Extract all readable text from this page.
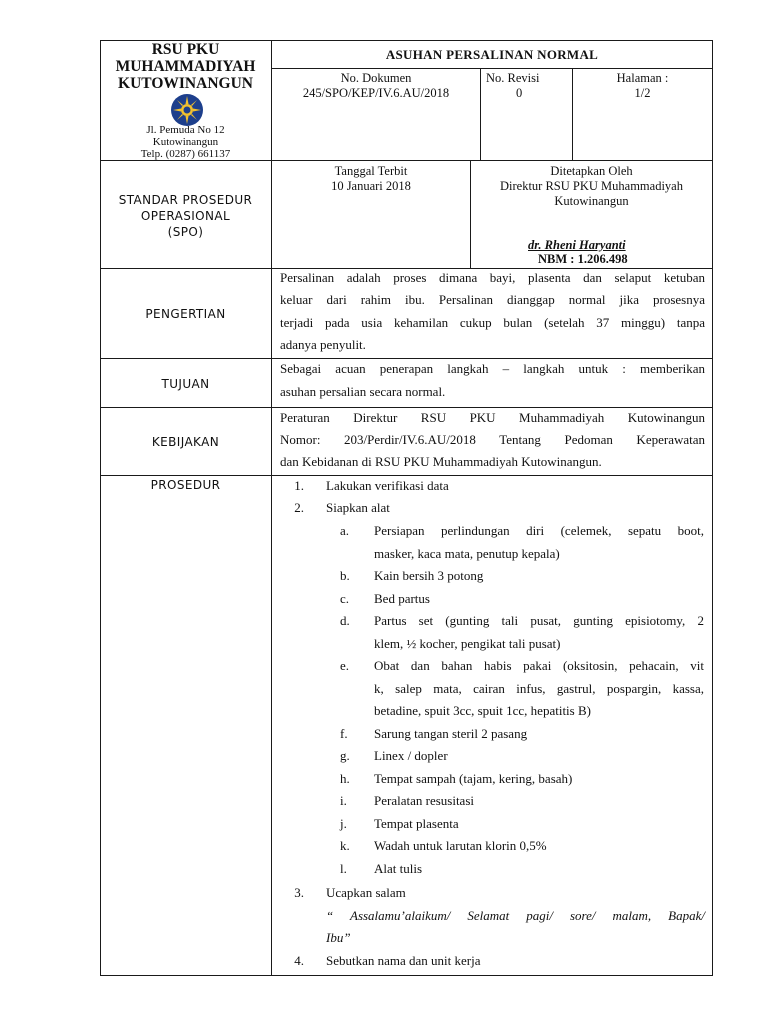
RSU PKU
MUHAMMADIYAH
KUTOWINANGUN
Jl. Pemuda No 12
Kutowinangun
Telp. (0287) 661137
ASUHAN PERSALINAN NORMAL
No. Dokumen
245/SPO/KEP/IV.6.AU/2018
No. Revisi
0
Halaman :
1/2
STANDAR PROSEDUR
OPERASIONAL
(SPO)
Tanggal Terbit
10 Januari 2018
Ditetapkan Oleh
Direktur RSU PKU Muhammadiyah
Kutowinangun
dr. Rheni Haryanti
NBM : 1.206.498
PENGERTIAN
Persalinan adalah proses dimana bayi, plasenta dan selaput ketuban
keluar dari rahim ibu. Persalinan dianggap normal jika prosesnya
terjadi pada usia kehamilan cukup bulan (setelah 37 minggu) tanpa
adanya penyulit.
TUJUAN
Sebagai acuan penerapan langkah – langkah untuk : memberikan
asuhan persalian secara normal.
KEBIJAKAN
Peraturan Direktur RSU PKU Muhammadiyah Kutowinangun
Nomor: 203/Perdir/IV.6.AU/2018 Tentang Pedoman Keperawatan
dan Kebidanan di RSU PKU Muhammadiyah Kutowinangun.
PROSEDUR	1. Lakukan verifikasi data
2. Siapkan alat
a. Persiapan perlindungan diri (celemek, sepatu boot,
masker, kaca mata, penutup kepala)
b. Kain bersih 3 potong
c. Bed partus
d. Partus set (gunting tali pusat, gunting episiotomy, 2
klem, ½ kocher, pengikat tali pusat)
e. Obat dan bahan habis pakai (oksitosin, pehacain, vit
k, salep mata, cairan infus, gastrul, pospargin, kassa,
betadine, spuit 3cc, spuit 1cc, hepatitis B)
f. Sarung tangan steril 2 pasang
g. Linex / dopler
h. Tempat sampah (tajam, kering, basah)
i. Peralatan resusitasi
j. Tempat plasenta
k. Wadah untuk larutan klorin 0,5%
l. Alat tulis
3. Ucapkan salam
“ Assalamu’alaikum/ Selamat pagi/ sore/ malam, Bapak/
Ibu”
4. Sebutkan nama dan unit kerja
